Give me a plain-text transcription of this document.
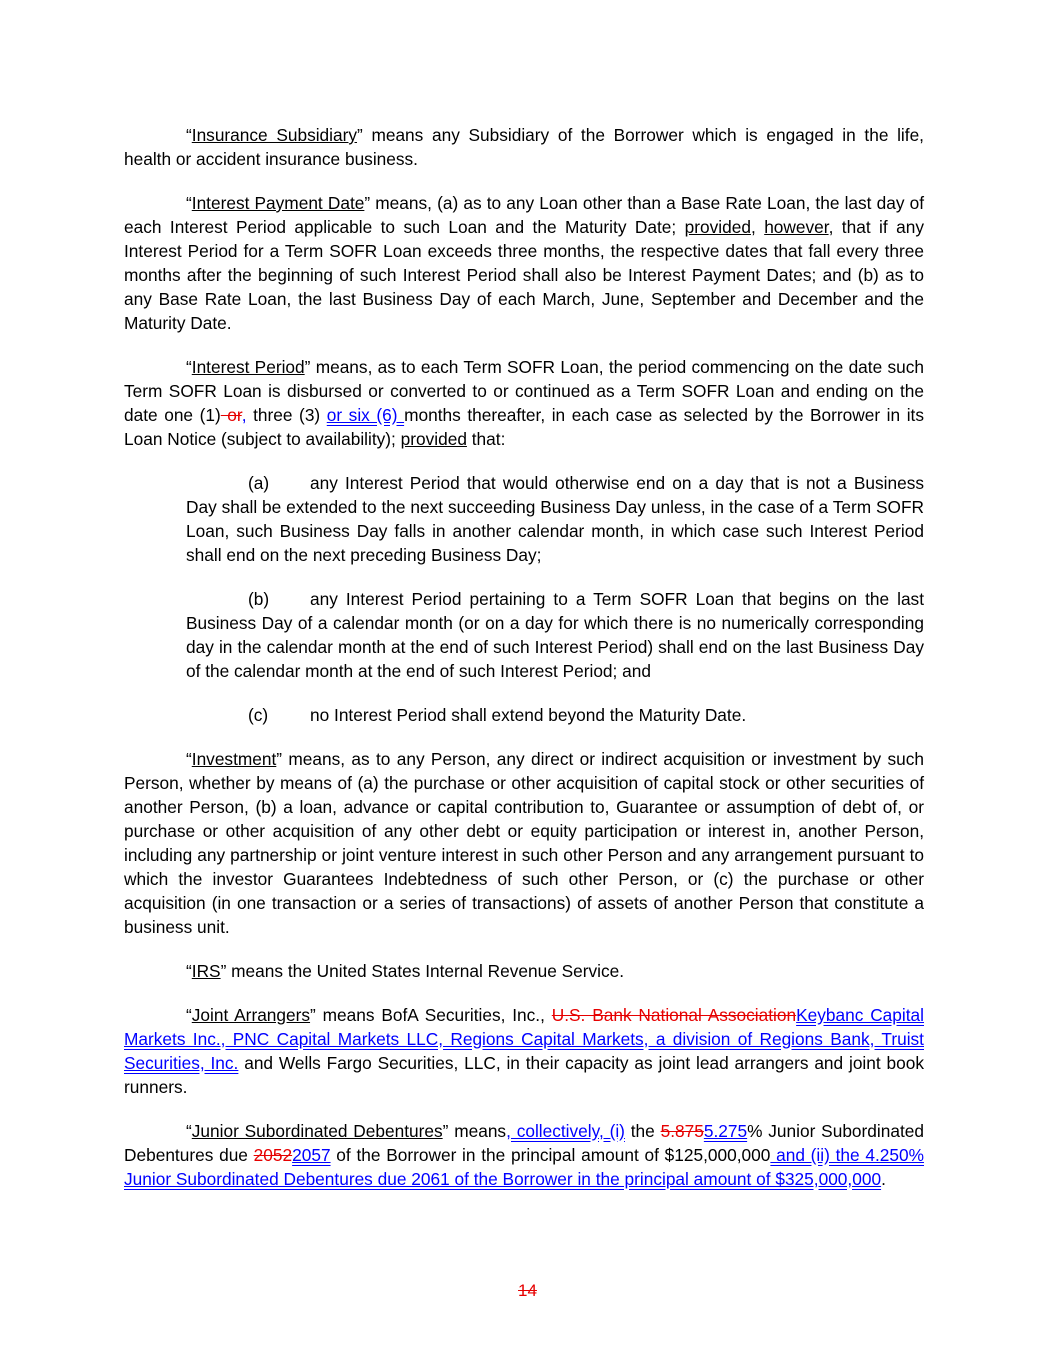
“Insurance Subsidiary” means any Subsidiary of the Borrower which is engaged in the life, health or accident insurance business.

“Interest Payment Date” means, (a) as to any Loan other than a Base Rate Loan, the last day of each Interest Period applicable to such Loan and the Maturity Date; provided, however, that if any Interest Period for a Term SOFR Loan exceeds three months, the respective dates that fall every three months after the beginning of such Interest Period shall also be Interest Payment Dates; and (b) as to any Base Rate Loan, the last Business Day of each March, June, September and December and the Maturity Date.

“Interest Period” means, as to each Term SOFR Loan, the period commencing on the date such Term SOFR Loan is disbursed or converted to or continued as a Term SOFR Loan and ending on the date one (1) or, three (3) or six (6) months thereafter, in each case as selected by the Borrower in its Loan Notice (subject to availability); provided that:

(a) any Interest Period that would otherwise end on a day that is not a Business Day shall be extended to the next succeeding Business Day unless, in the case of a Term SOFR Loan, such Business Day falls in another calendar month, in which case such Interest Period shall end on the next preceding Business Day;

(b) any Interest Period pertaining to a Term SOFR Loan that begins on the last Business Day of a calendar month (or on a day for which there is no numerically corresponding day in the calendar month at the end of such Interest Period) shall end on the last Business Day of the calendar month at the end of such Interest Period; and

(c) no Interest Period shall extend beyond the Maturity Date.

“Investment” means, as to any Person, any direct or indirect acquisition or investment by such Person, whether by means of (a) the purchase or other acquisition of capital stock or other securities of another Person, (b) a loan, advance or capital contribution to, Guarantee or assumption of debt of, or purchase or other acquisition of any other debt or equity participation or interest in, another Person, including any partnership or joint venture interest in such other Person and any arrangement pursuant to which the investor Guarantees Indebtedness of such other Person, or (c) the purchase or other acquisition (in one transaction or a series of transactions) of assets of another Person that constitute a business unit.

“IRS” means the United States Internal Revenue Service.

“Joint Arrangers” means BofA Securities, Inc., U.S. Bank National AssociationKeybanc Capital Markets Inc., PNC Capital Markets LLC, Regions Capital Markets, a division of Regions Bank, Truist Securities, Inc. and Wells Fargo Securities, LLC, in their capacity as joint lead arrangers and joint book runners.

“Junior Subordinated Debentures” means, collectively, (i) the 5.8755.275% Junior Subordinated Debentures due 20522057 of the Borrower in the principal amount of $125,000,000 and (ii) the 4.250% Junior Subordinated Debentures due 2061 of the Borrower in the principal amount of $325,000,000.

14
